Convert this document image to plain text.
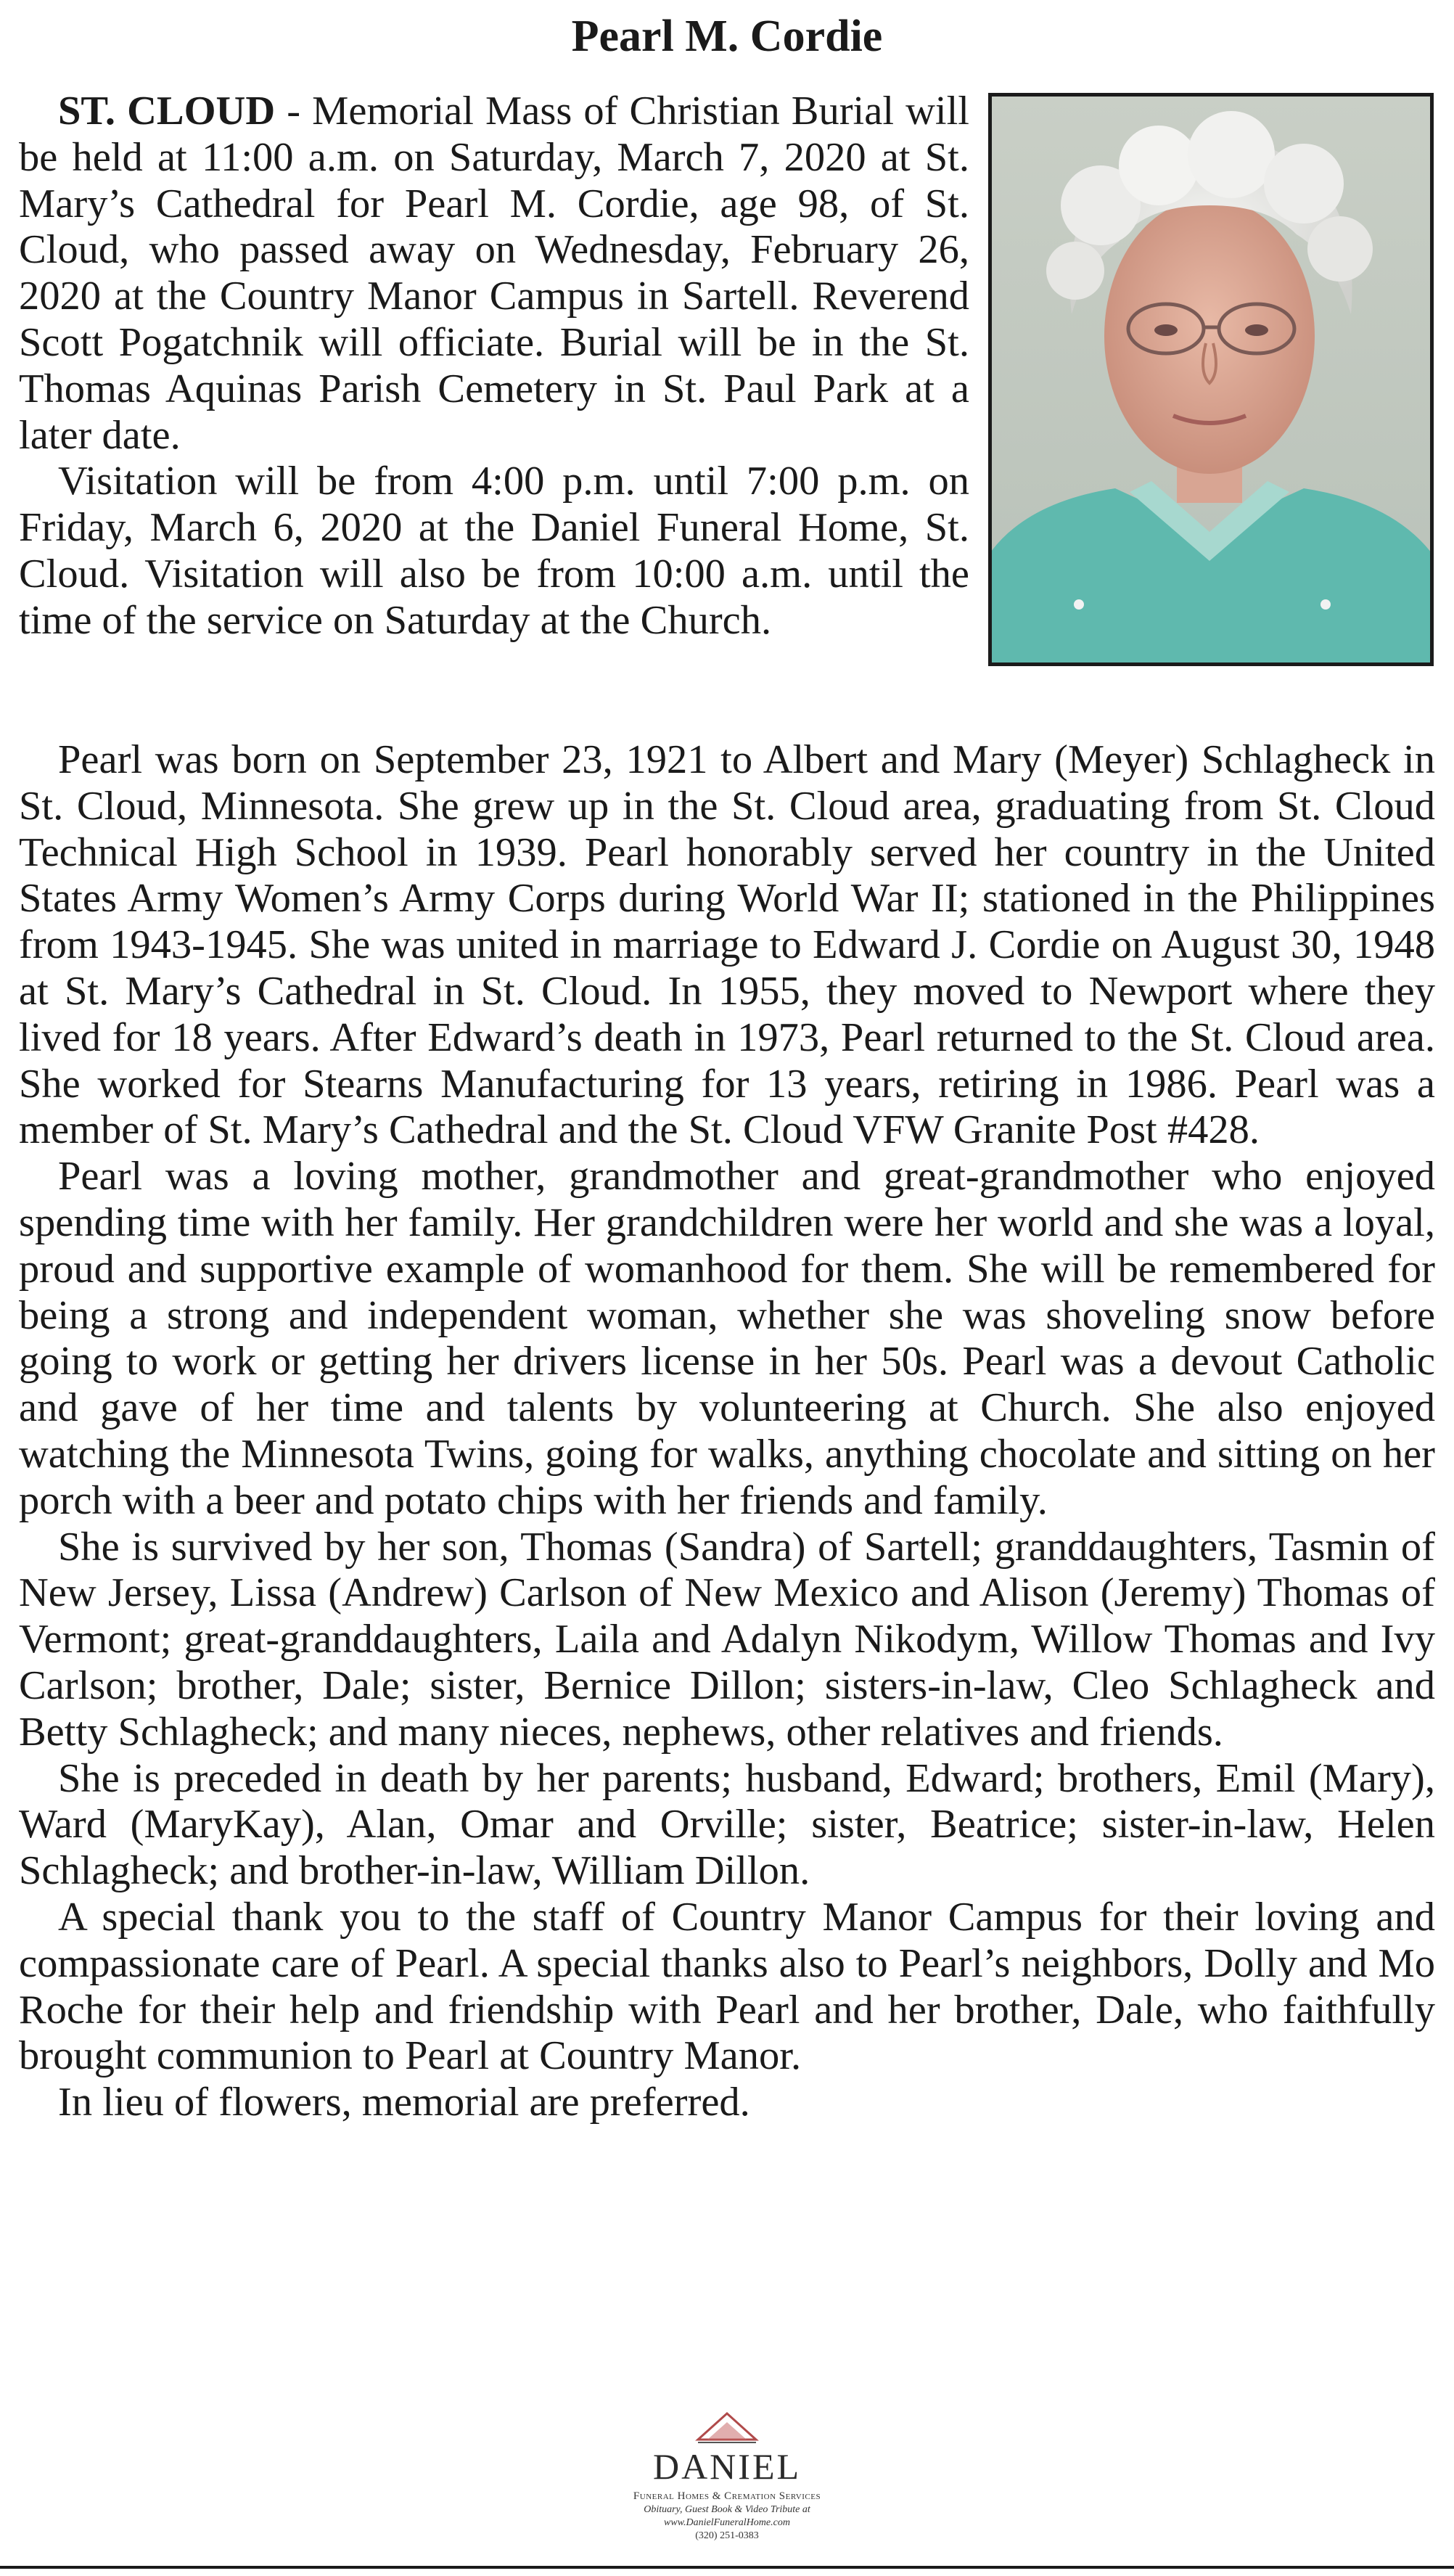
Pearl M. Cordie

ST. CLOUD - Memorial Mass of Christian Burial will be held at 11:00 a.m. on Saturday, March 7, 2020 at St. Mary’s Cathedral for Pearl M. Cordie, age 98, of St. Cloud, who passed away on Wednesday, February 26, 2020 at the Country Manor Campus in Sartell. Reverend Scott Pogatchnik will officiate. Burial will be in the St. Thomas Aquinas Parish Cemetery in St. Paul Park at a later date.

Visitation will be from 4:00 p.m. until 7:00 p.m. on Friday, March 6, 2020 at the Daniel Funeral Home, St. Cloud. Visitation will also be from 10:00 a.m. until the time of the service on Saturday at the Church.

Pearl was born on September 23, 1921 to Albert and Mary (Meyer) Schlagheck in St. Cloud, Minnesota. She grew up in the St. Cloud area, graduating from St. Cloud Technical High School in 1939. Pearl honorably served her country in the United States Army Women’s Army Corps during World War II; stationed in the Philippines from 1943-1945. She was united in marriage to Edward J. Cordie on August 30, 1948 at St. Mary’s Cathedral in St. Cloud. In 1955, they moved to Newport where they lived for 18 years. After Edward’s death in 1973, Pearl returned to the St. Cloud area. She worked for Stearns Manufacturing for 13 years, retiring in 1986. Pearl was a member of St. Mary’s Cathedral and the St. Cloud VFW Granite Post #428.

Pearl was a loving mother, grandmother and great-grandmother who enjoyed spending time with her family. Her grandchildren were her world and she was a loyal, proud and supportive example of womanhood for them. She will be remembered for being a strong and independent woman, whether she was shoveling snow before going to work or getting her drivers license in her 50s. Pearl was a devout Catholic and gave of her time and talents by volunteering at Church. She also enjoyed watching the Minnesota Twins, going for walks, anything chocolate and sitting on her porch with a beer and potato chips with her friends and family.

She is survived by her son, Thomas (Sandra) of Sartell; granddaughters, Tasmin of New Jersey, Lissa (Andrew) Carlson of New Mexico and Alison (Jeremy) Thomas of Vermont; great-granddaughters, Laila and Adalyn Nikodym, Willow Thomas and Ivy Carlson; brother, Dale; sister, Bernice Dillon; sisters-in-law, Cleo Schlagheck and Betty Schlagheck; and many nieces, nephews, other relatives and friends.

She is preceded in death by her parents; husband, Edward; brothers, Emil (Mary), Ward (MaryKay), Alan, Omar and Orville; sister, Beatrice; sister-in-law, Helen Schlagheck; and brother-in-law, William Dillon.

A special thank you to the staff of Country Manor Campus for their loving and compassionate care of Pearl. A special thanks also to Pearl’s neighbors, Dolly and Mo Roche for their help and friendship with Pearl and her brother, Dale, who faithfully brought communion to Pearl at Country Manor.

In lieu of flowers, memorial are preferred.

DANIEL
Funeral Homes & Cremation Services
Obituary, Guest Book & Video Tribute at
www.DanielFuneralHome.com
(320) 251-0383
